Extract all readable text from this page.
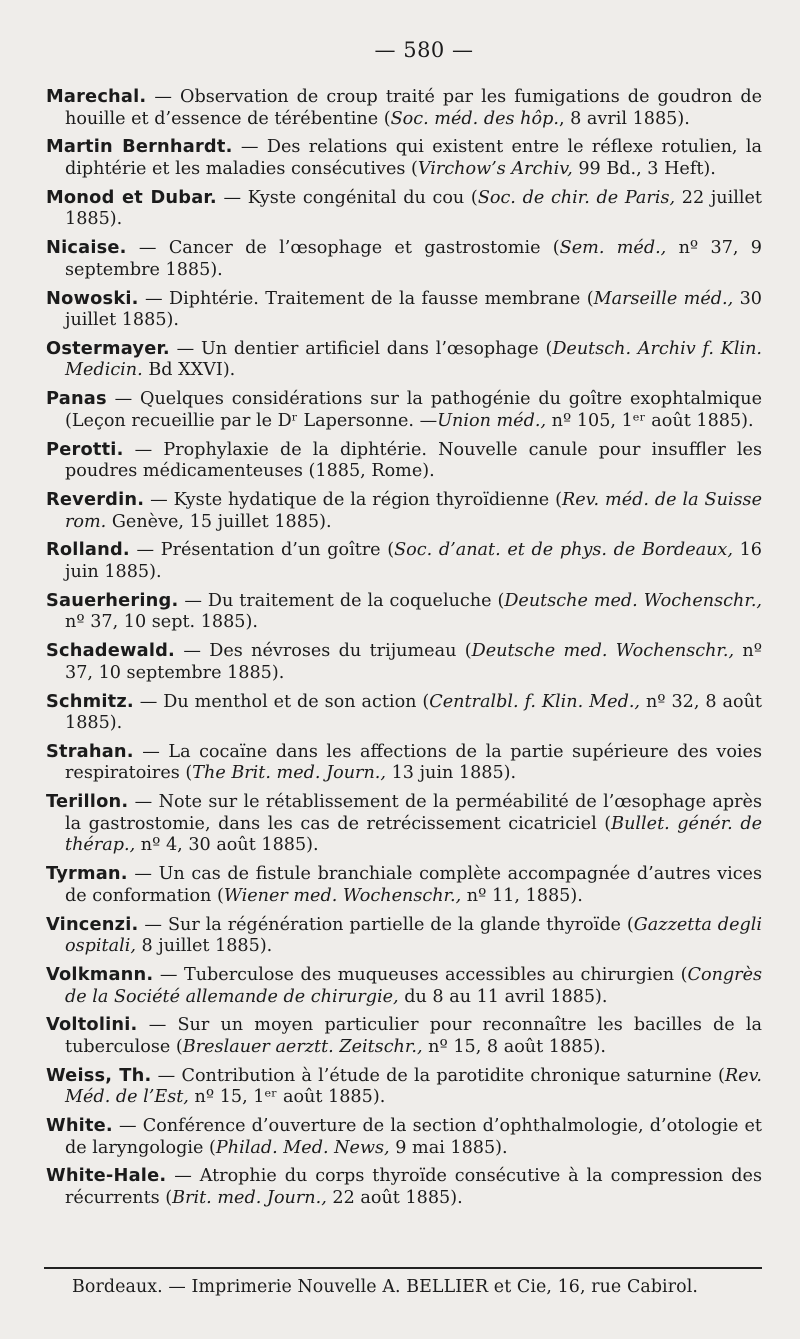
— 580 —

Marechal. — Observation de croup traité par les fumigations de goudron de houille et d’essence de térébentine (Soc. méd. des hôp., 8 avril 1885).

Martin Bernhardt. — Des relations qui existent entre le réflexe rotulien, la diphtérie et les maladies consécutives (Virchow’s Archiv, 99 Bd., 3 Heft).

Monod et Dubar. — Kyste congénital du cou (Soc. de chir. de Paris, 22 juillet 1885).

Nicaise. — Cancer de l’œsophage et gastrostomie (Sem. méd., nº 37, 9 septembre 1885).

Nowoski. — Diphtérie. Traitement de la fausse membrane (Marseille méd., 30 juillet 1885).

Ostermayer. — Un dentier artificiel dans l’œsophage (Deutsch. Archiv f. Klin. Medicin. Bd XXVI).

Panas — Quelques considérations sur la pathogénie du goître exophtalmique (Leçon recueillie par le Dʳ Lapersonne. —Union méd., nº 105, 1ᵉʳ août 1885).

Perotti. — Prophylaxie de la diphtérie. Nouvelle canule pour insuffler les poudres médicamenteuses (1885, Rome).

Reverdin. — Kyste hydatique de la région thyroïdienne (Rev. méd. de la Suisse rom. Genève, 15 juillet 1885).

Rolland. — Présentation d’un goître (Soc. d’anat. et de phys. de Bordeaux, 16 juin 1885).

Sauerhering. — Du traitement de la coqueluche (Deutsche med. Wochenschr., nº 37, 10 sept. 1885).

Schadewald. — Des névroses du trijumeau (Deutsche med. Wochenschr., nº 37, 10 septembre 1885).

Schmitz. — Du menthol et de son action (Centralbl. f. Klin. Med., nº 32, 8 août 1885).

Strahan. — La cocaïne dans les affections de la partie supérieure des voies respiratoires (The Brit. med. Journ., 13 juin 1885).

Terillon. — Note sur le rétablissement de la perméabilité de l’œsophage après la gastrostomie, dans les cas de retrécissement cicatriciel (Bullet. génér. de thérap., nº 4, 30 août 1885).

Tyrman. — Un cas de fistule branchiale complète accompagnée d’autres vices de conformation (Wiener med. Wochenschr., nº 11, 1885).

Vincenzi. — Sur la régénération partielle de la glande thyroïde (Gazzetta degli ospitali, 8 juillet 1885).

Volkmann. — Tuberculose des muqueuses accessibles au chirurgien (Congrès de la Société allemande de chirurgie, du 8 au 11 avril 1885).

Voltolini. — Sur un moyen particulier pour reconnaître les bacilles de la tuberculose (Breslauer aerztt. Zeitschr., nº 15, 8 août 1885).

Weiss, Th. — Contribution à l’étude de la parotidite chronique saturnine (Rev. Méd. de l’Est, nº 15, 1ᵉʳ août 1885).

White. — Conférence d’ouverture de la section d’ophthalmologie, d’otologie et de laryngologie (Philad. Med. News, 9 mai 1885).

White-Hale. — Atrophie du corps thyroïde consécutive à la compression des récurrents (Brit. med. Journ., 22 août 1885).

Bordeaux. — Imprimerie Nouvelle A. BELLIER et Cie, 16, rue Cabirol.
